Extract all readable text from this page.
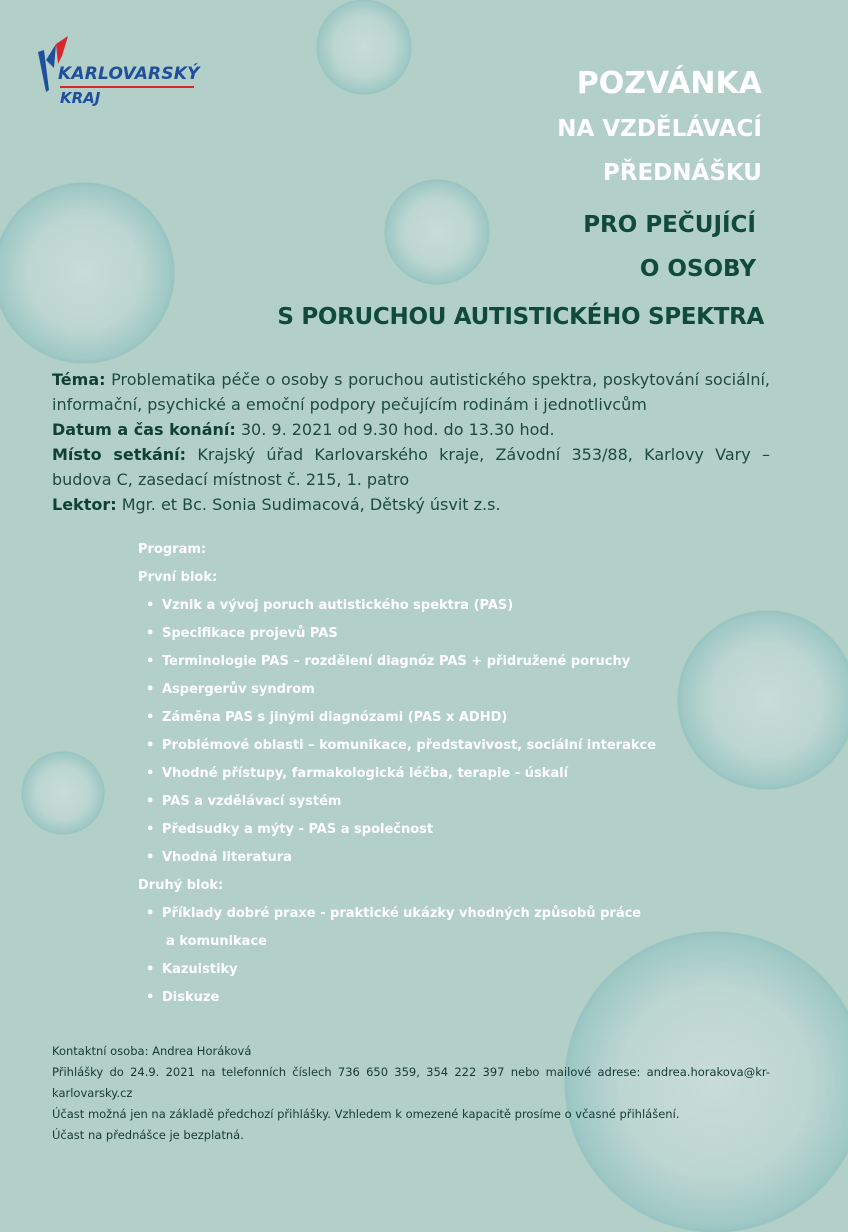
KARLOVARSKÝ
KRAJ	POZVÁNKA
NA VZDĚLÁVACÍ
PŘEDNÁŠKU
PRO PEČUJÍCÍ
O OSOBY
S PORUCHOU AUTISTICKÉHO SPEKTRA
Téma: Problematika péče o osoby s poruchou autistického spektra, poskytování sociální, informační, psychické a emoční podpory pečujícím rodinám i jednotlivcům
Datum a čas konání: 30. 9. 2021 od 9.30 hod. do 13.30 hod.
Místo setkání: Krajský úřad Karlovarského kraje, Závodní 353/88, Karlovy Vary – budova C, zasedací místnost č. 215, 1. patro
Lektor: Mgr. et Bc. Sonia Sudimacová, Dětský úsvit z.s.
Program:
První blok:
• Vznik a vývoj poruch autistického spektra (PAS)
• Specifikace projevů PAS
• Terminologie PAS – rozdělení diagnóz PAS + přidružené poruchy
• Aspergerův syndrom
• Záměna PAS s jinými diagnózami (PAS x ADHD)
• Problémové oblasti – komunikace, představivost, sociální interakce
• Vhodné přístupy, farmakologická léčba, terapie - úskalí
• PAS a vzdělávací systém
• Předsudky a mýty - PAS a společnost
• Vhodná literatura
Druhý blok:
• Příklady dobré praxe - praktické ukázky vhodných způsobů práce
a komunikace
• Kazuistiky
• Diskuze

Kontaktní osoba: Andrea Horáková

Přihlášky do 24.9. 2021 na telefonních číslech 736 650 359, 354 222 397 nebo mailové adrese: andrea.horakova@kr-karlovarsky.cz

Účast možná jen na základě předchozí přihlášky. Vzhledem k omezené kapacitě prosíme o včasné přihlášení.

Účast na přednášce je bezplatná.
